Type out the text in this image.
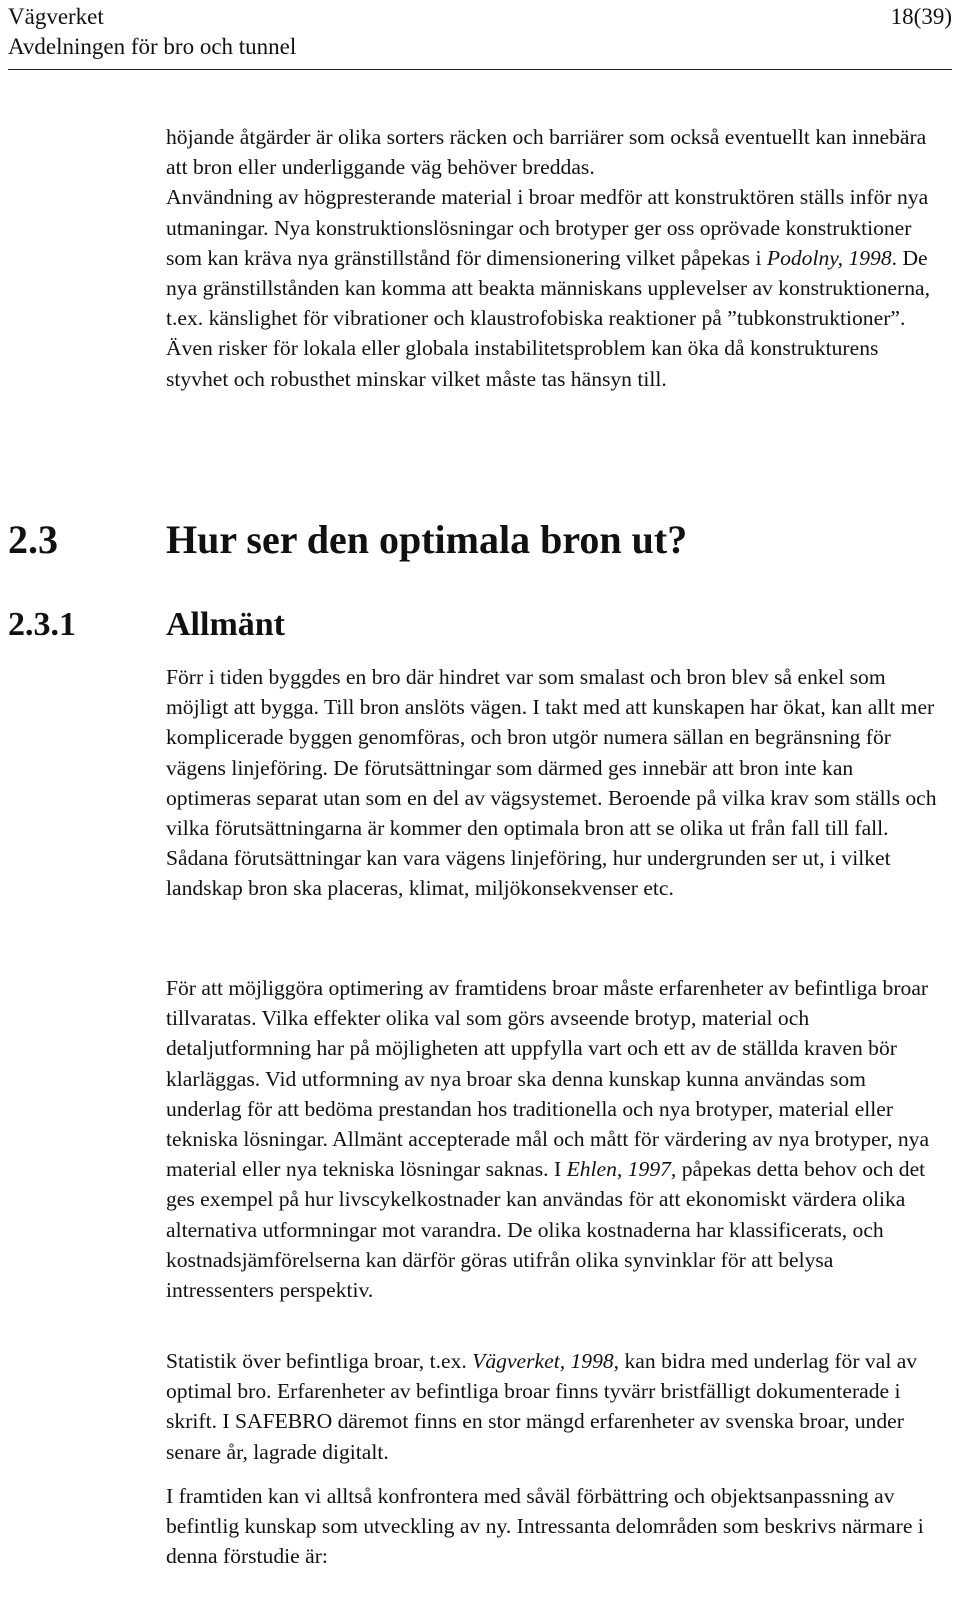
Vägverket
Avdelningen för bro och tunnel
18(39)

höjande åtgärder är olika sorters räcken och barriärer som också eventuellt kan innebära att bron eller underliggande väg behöver breddas.

Användning av högpresterande material i broar medför att konstruktören ställs inför nya utmaningar. Nya konstruktionslösningar och brotyper ger oss oprövade konstruktioner som kan kräva nya gränstillstånd för dimensionering vilket påpekas i Podolny, 1998. De nya gränstillstånden kan komma att beakta människans upplevelser av konstruktionerna, t.ex. känslighet för vibrationer och klaustrofobiska reaktioner på ”tubkonstruktioner”. Även risker för lokala eller globala instabilitetsproblem kan öka då konstrukturens styvhet och robusthet minskar vilket måste tas hänsyn till.

2.3	Hur ser den optimala bron ut?
2.3.1	Allmänt

Förr i tiden byggdes en bro där hindret var som smalast och bron blev så enkel som möjligt att bygga. Till bron anslöts vägen. I takt med att kunskapen har ökat, kan allt mer komplicerade byggen genomföras, och bron utgör numera sällan en begränsning för vägens linjeföring. De förutsättningar som därmed ges innebär att bron inte kan optimeras separat utan som en del av vägsystemet. Beroende på vilka krav som ställs och vilka förutsättningarna är kommer den optimala bron att se olika ut från fall till fall. Sådana förutsättningar kan vara vägens linjeföring, hur undergrunden ser ut, i vilket landskap bron ska placeras, klimat, miljökonsekvenser etc.

För att möjliggöra optimering av framtidens broar måste erfarenheter av befintliga broar tillvaratas. Vilka effekter olika val som görs avseende brotyp, material och detaljutformning har på möjligheten att uppfylla vart och ett av de ställda kraven bör klarläggas. Vid utformning av nya broar ska denna kunskap kunna användas som underlag för att bedöma prestandan hos traditionella och nya brotyper, material eller tekniska lösningar. Allmänt accepterade mål och mått för värdering av nya brotyper, nya material eller nya tekniska lösningar saknas. I Ehlen, 1997, påpekas detta behov och det ges exempel på hur livscykelkostnader kan användas för att ekonomiskt värdera olika alternativa utformningar mot varandra. De olika kostnaderna har klassificerats, och kostnadsjämförelserna kan därför göras utifrån olika synvinklar för att belysa intressenters perspektiv.

Statistik över befintliga broar, t.ex. Vägverket, 1998, kan bidra med underlag för val av optimal bro. Erfarenheter av befintliga broar finns tyvärr bristfälligt dokumenterade i skrift. I SAFEBRO däremot finns en stor mängd erfarenheter av svenska broar, under senare år, lagrade digitalt.

I framtiden kan vi alltså konfrontera med såväl förbättring och objektsanpassning av befintlig kunskap som utveckling av ny. Intressanta delområden som beskrivs närmare i denna förstudie är:
